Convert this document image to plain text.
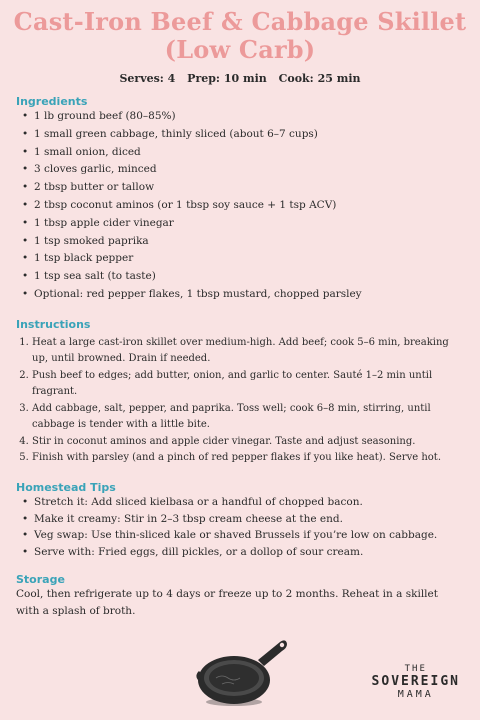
Cast-Iron Beef & Cabbage Skillet
(Low Carb)
Serves: 4 Prep: 10 min Cook: 25 min
Ingredients
• 1 lb ground beef (80–85%)
• 1 small green cabbage, thinly sliced (about 6–7 cups)
• 1 small onion, diced
• 3 cloves garlic, minced
• 2 tbsp butter or tallow
• 2 tbsp coconut aminos (or 1 tbsp soy sauce + 1 tsp ACV)
• 1 tbsp apple cider vinegar
• 1 tsp smoked paprika
• 1 tsp black pepper
• 1 tsp sea salt (to taste)
• Optional: red pepper flakes, 1 tbsp mustard, chopped parsley
Instructions
1. Heat a large cast-iron skillet over medium-high. Add beef; cook 5–6 min, breaking up, until browned. Drain if needed.
2. Push beef to edges; add butter, onion, and garlic to center. Sauté 1–2 min until fragrant.
3. Add cabbage, salt, pepper, and paprika. Toss well; cook 6–8 min, stirring, until cabbage is tender with a little bite.
4. Stir in coconut aminos and apple cider vinegar. Taste and adjust seasoning.
5. Finish with parsley (and a pinch of red pepper flakes if you like heat). Serve hot.
Homestead Tips
• Stretch it: Add sliced kielbasa or a handful of chopped bacon.
• Make it creamy: Stir in 2–3 tbsp cream cheese at the end.
• Veg swap: Use thin-sliced kale or shaved Brussels if you’re low on cabbage.
• Serve with: Fried eggs, dill pickles, or a dollop of sour cream.
Storage

Cool, then refrigerate up to 4 days or freeze up to 2 months. Reheat in a skillet with a splash of broth.

THE
SOVEREIGN
MAMA
